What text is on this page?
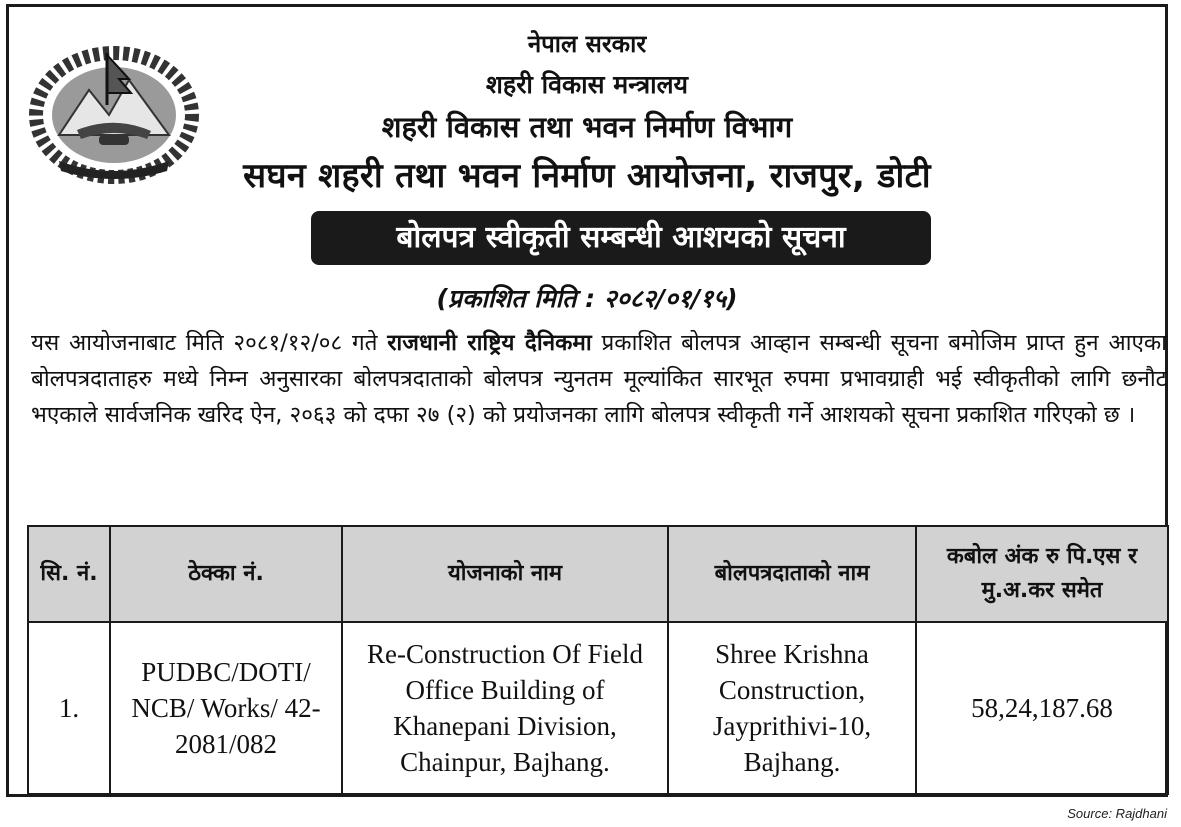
नेपाल सरकार
शहरी विकास मन्त्रालय
शहरी विकास तथा भवन निर्माण विभाग
सघन शहरी तथा भवन निर्माण आयोजना, राजपुर, डोटी
बोलपत्र स्वीकृती सम्बन्धी आशयको सूचना
(प्रकाशित मिति : २०८२/०१/१५)

यस आयोजनाबाट मिति २०८१/१२/०८ गते राजधानी राष्ट्रिय दैनिकमा प्रकाशित बोलपत्र आव्हान सम्बन्धी सूचना बमोजिम प्राप्त हुन आएका बोलपत्रदाताहरु मध्ये निम्न अनुसारका बोलपत्रदाताको बोलपत्र न्युनतम मूल्यांकित सारभूत रुपमा प्रभावग्राही भई स्वीकृतीको लागि छनौट भएकाले सार्वजनिक खरिद ऐन, २०६३ को दफा २७ (२) को प्रयोजनका लागि बोलपत्र स्वीकृती गर्ने आशयको सूचना प्रकाशित गरिएको छ ।

सि. नं.	ठेक्का नं.	योजनाको नाम	बोलपत्रदाताको नाम	कबोल अंक रु पि.एस र मु.अ.कर समेत
1.	PUDBC/DOTI/ NCB/ Works/ 42-2081/082	Re-Construction Of Field Office Building of Khanepani Division, Chainpur, Bajhang.	Shree Krishna Construction, Jayprithivi-10, Bajhang.	58,24,187.68
Source: Rajdhani
